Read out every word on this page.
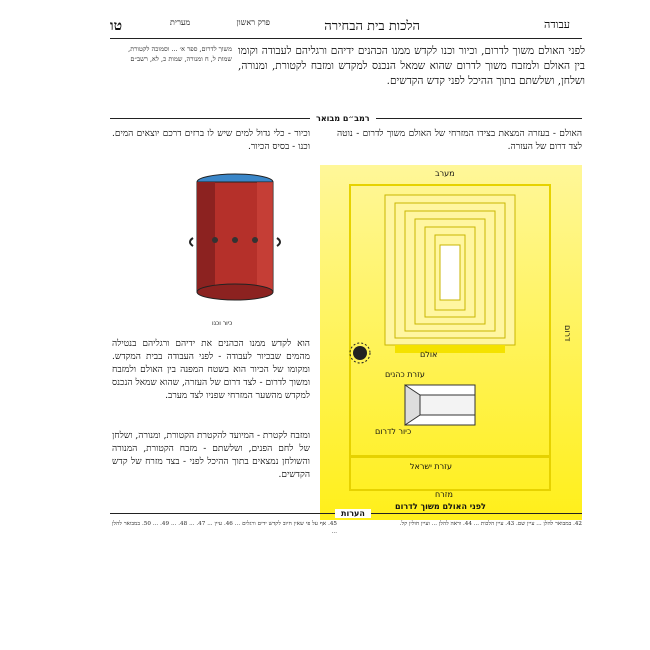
עבודה
הלכות בית הבחירה
פרק ראשון
מערית
טו
לפני האולם משוך לדרום, וכיור וכנו לקדש ממנו הכהנים ידיהם ורגליהם לעבודה וקומו בין האולם ולמזבח משוך לדרום שהוא שמאל הנכנס למקדש ומזבח לקטורת, ומנורה, ושלחן, ושלשתם בתוך ההיכל לפני קדש הקדשים.
משוך לדרום, ספר א׳ ... וסמוכה לקטורת, שמות ל, ח ומנורה, שמות כ, לא, רשב״ם
רמב״ם מבואר
האולם - בעזרה המצאת בצידו המזרחי של האולם משוך לדרום - נוטה לצד דרום של העזרה.
וכיור - כלי גדול למים שיש לו ברזים דרכם יוצאים המים. וכנו - בסיס הכיור.
כיור וכנו
הוא לקדש ממנו הכהנים את ידיהם ורגליהם בנטילה מהמים שבכיור לעבודה - לפני העבודה בבית המקדש. ומקומו של הכיור הוא בשטח המפנה בין האולם ולמזבח ומשוך לדרום - לצד דרום של העזרה, שהוא שמאל הנכנס למקדש מהשער המזרחי שפניו לצד מערב.
ומזבח לקטרת - המיועד להקטרת הקטורת, ומנורה, ושלחן של לחם הפנים, ושלשתם - מזבח הקטורת, המנורה והשולחן נמצאים בתוך ההיכל לפני - בצד מזרח של קדש הקדשים.
מערב
דרום
אולם
עזרת כהנים
כיור לדרום
עזרת ישראל
מזרח
לפני האולם משוך לדרום
הערות
42. במבואר להלן ... עיין שם. 43. עיין הלכות ... 44. וראה להלן ... ועיין חולין קל.
45. אף על פי שאין חיוב לקדש ידים ורגלים ... 46. עיין ... 47. ... 48. ... 49. ... 50. במבואר להלן ...
